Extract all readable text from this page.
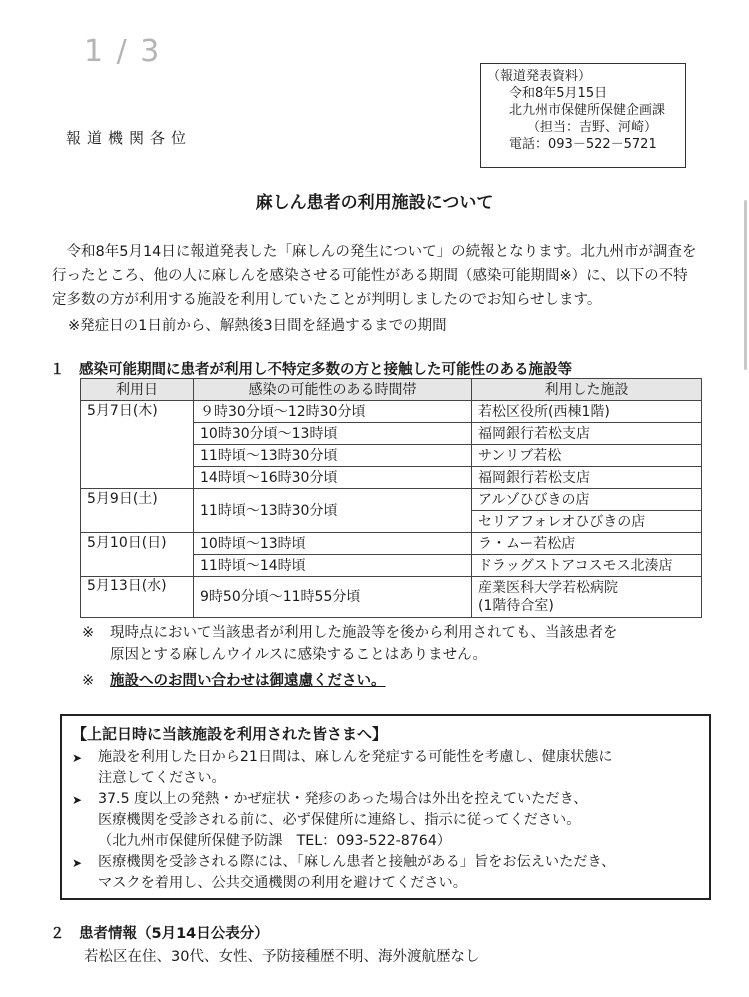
1 / 3
（報道発表資料）
令和8年5月15日
北九州市保健所保健企画課
（担当：吉野、河崎）
電話：093－522－5721
報道機関各位
麻しん患者の利用施設について

令和8年5月14日に報道発表した「麻しんの発生について」の続報となります。北九州市が調査を行ったところ、他の人に麻しんを感染させる可能性がある期間（感染可能期間※）に、以下の不特定多数の方が利用する施設を利用していたことが判明しましたのでお知らせします。

※発症日の1日前から、解熱後3日間を経過するまでの期間
１　感染可能期間に患者が利用し不特定多数の方と接触した可能性のある施設等
利用日	感染の可能性のある時間帯	利用した施設
5月7日(木)	９時30分頃～12時30分頃	若松区役所(西棟1階)
	10時30分頃～13時頃	福岡銀行若松支店
	11時頃～13時30分頃	サンリブ若松
	14時頃～16時30分頃	福岡銀行若松支店
5月9日(土)	11時頃～13時30分頃	アルゾひびきの店
		セリアフォレオひびきの店
5月10日(日)	10時頃～13時頃	ラ・ムー若松店
	11時頃～14時頃	ドラッグストアコスモス北湊店
5月13日(水)	9時50分頃～11時55分頃	産業医科大学若松病院
(1階待合室)
※	現時点において当該患者が利用した施設等を後から利用されても、当該患者を
原因とする麻しんウイルスに感染することはありません。
※	施設へのお問い合わせは御遠慮ください。
【上記日時に当該施設を利用された皆さまへ】
➤	施設を利用した日から21日間は、麻しんを発症する可能性を考慮し、健康状態に
注意してください。
➤	37.5 度以上の発熱・かぜ症状・発疹のあった場合は外出を控えていただき、
医療機関を受診される前に、必ず保健所に連絡し、指示に従ってください。
（北九州市保健所保健予防課　TEL：093-522-8764）
➤	医療機関を受診される際には、「麻しん患者と接触がある」旨をお伝えいただき、
マスクを着用し、公共交通機関の利用を避けてください。
２　患者情報（5月14日公表分）
若松区在住、30代、女性、予防接種歴不明、海外渡航歴なし
